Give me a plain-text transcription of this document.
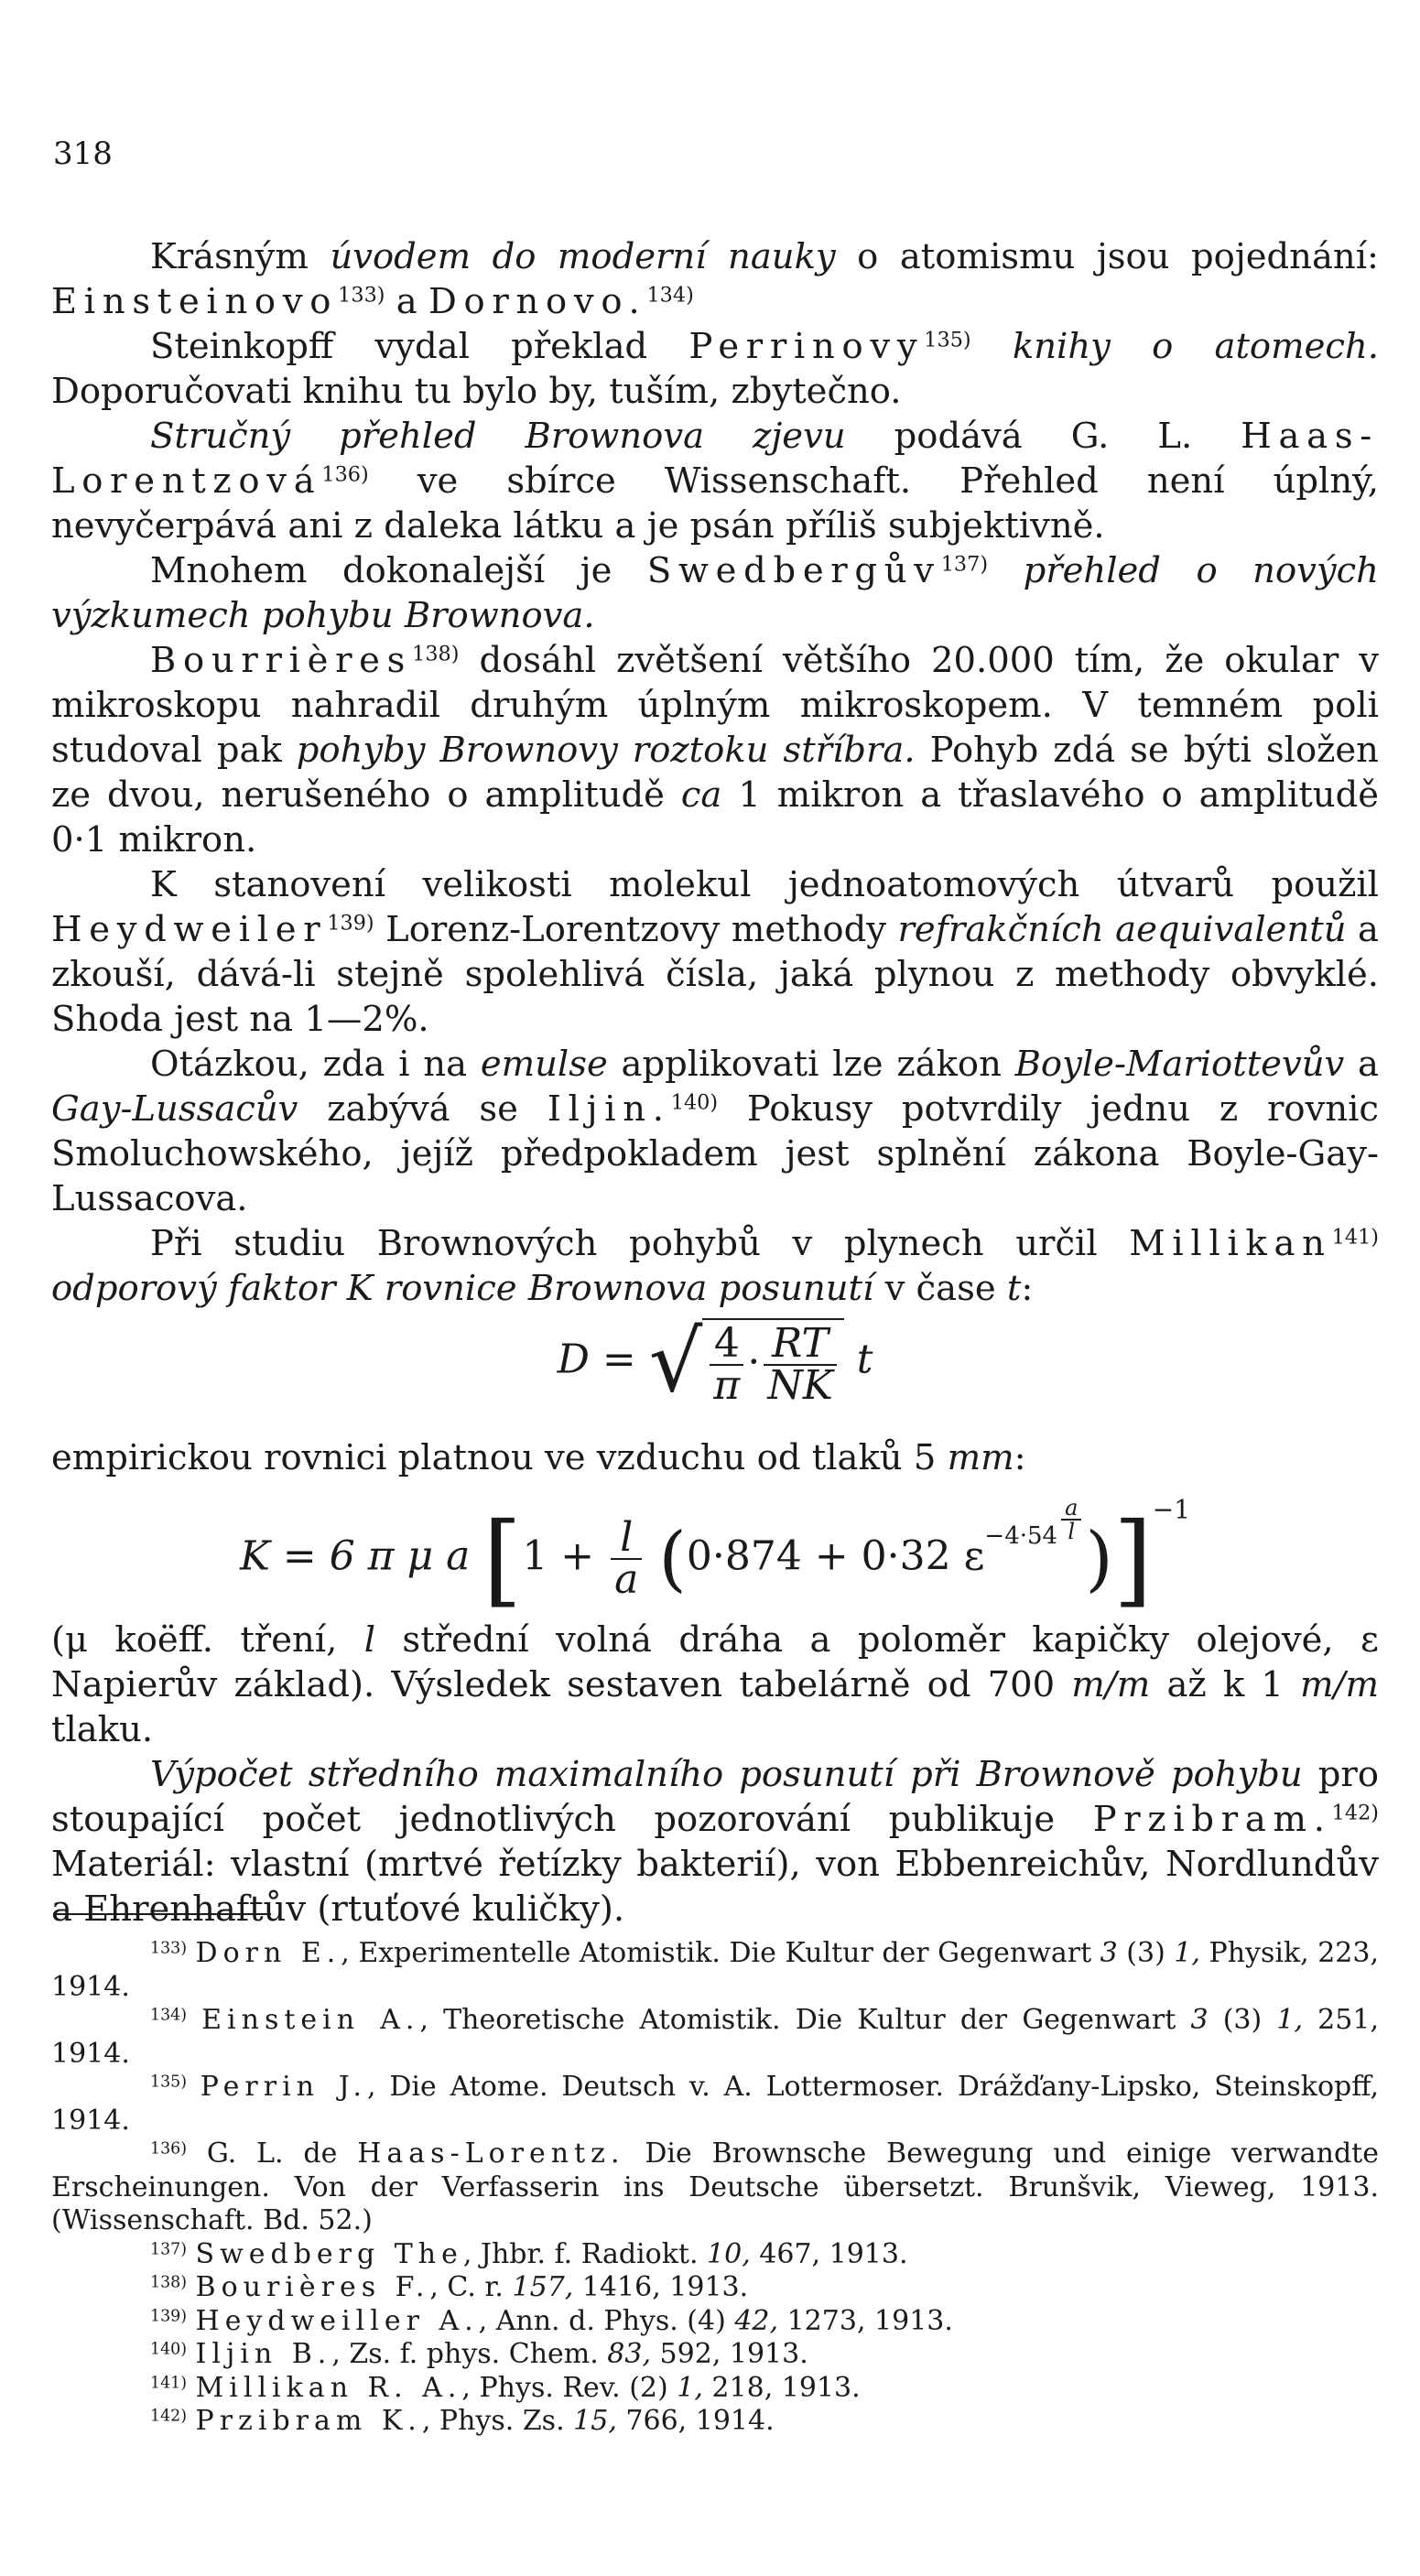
318

Krásným úvodem do moderní nauky o atomismu jsou pojednání: Einsteinovo$^{133)}$ a Dornovo.$^{134)}$

Steinkopff vydal překlad Perrinovy$^{135)}$ knihy o atomech. Doporučovati knihu tu bylo by, tuším, zbytečno.

Stručný přehled Brownova zjevu podává G. L. Haas-Lorentzová$^{136)}$ ve sbírce Wissenschaft. Přehled není úplný, nevyčerpává ani z daleka látku a je psán příliš subjektivně.

Mnohem dokonalejší je Swedbergův$^{137)}$ přehled o nových výzkumech pohybu Brownova.

Bourrières$^{138)}$ dosáhl zvětšení většího 20.000 tím, že okular v mikroskopu nahradil druhým úplným mikroskopem. V temném poli studoval pak pohyby Brownovy roztoku stříbra. Pohyb zdá se býti složen ze dvou, nerušeného o amplitudě ca 1 mikron a třaslavého o amplitudě 0·1 mikron.

K stanovení velikosti molekul jednoatomových útvarů použil Heydweiler$^{139)}$ Lorenz-Lorentzovy methody refrakčních aequivalentů a zkouší, dává-li stejně spolehlivá čísla, jaká plynou z methody obvyklé. Shoda jest na 1—2%.

Otázkou, zda i na emulse applikovati lze zákon Boyle-Mariottevův a Gay-Lussacův zabývá se Iljin.$^{140)}$ Pokusy potvrdily jednu z rovnic Smoluchowského, jejíž předpokladem jest splnění zákona Boyle-Gay-Lussacova.

Při studiu Brownových pohybů v plynech určil Millikan$^{141)}$ odporový faktor K rovnice Brownova posunutí v čase t:

D = √ $\frac{4}{\pi} \cdot \frac{RT}{NK}$ t

empirickou rovnici platnou ve vzduchu od tlaků 5 mm:

K = 6 π μ a [$1 + \frac{l}{a} (0\cdot 874 + 0\cdot 32$ $\varepsilon^{-4\cdot 54} \frac{a}{l} )]^{-1}$

(μ koëff. tření, l střední volná dráha a poloměr kapičky olejové, ε Napierův základ). Výsledek sestaven tabelárně od 700 m/m až k 1 m/m tlaku.

Výpočet středního maximalního posunutí při Brownově pohybu pro stoupající počet jednotlivých pozorování publikuje Przibram.$^{142)}$ Materiál: vlastní (mrtvé řetízky bakterií), von Ebbenreichův, Nordlundův a Ehrenhaftův (rtuťové kuličky).

$^{133)}$ Dorn E., Experimentelle Atomistik. Die Kultur der Gegenwart 3 (3) 1, Physik, 223, 1914.

$^{134)}$ Einstein A., Theoretische Atomistik. Die Kultur der Gegenwart 3 (3) 1, 251, 1914.

$^{135)}$ Perrin J., Die Atome. Deutsch v. A. Lottermoser. Drážďany-Lipsko, Steinskopff, 1914.

$^{136)}$ G. L. de Haas-Lorentz. Die Brownsche Bewegung und einige verwandte Erscheinungen. Von der Verfasserin ins Deutsche übersetzt. Brunšvik, Vieweg, 1913. (Wissenschaft. Bd. 52.)

$^{137)}$ Swedberg The, Jhbr. f. Radiokt. 10, 467, 1913.

$^{138)}$ Bourières F., C. r. 157, 1416, 1913.

$^{139)}$ Heydweiller A., Ann. d. Phys. (4) 42, 1273, 1913.

$^{140)}$ Iljin B., Zs. f. phys. Chem. 83, 592, 1913.

$^{141)}$ Millikan R. A., Phys. Rev. (2) 1, 218, 1913.

$^{142)}$ Przibram K., Phys. Zs. 15, 766, 1914.
